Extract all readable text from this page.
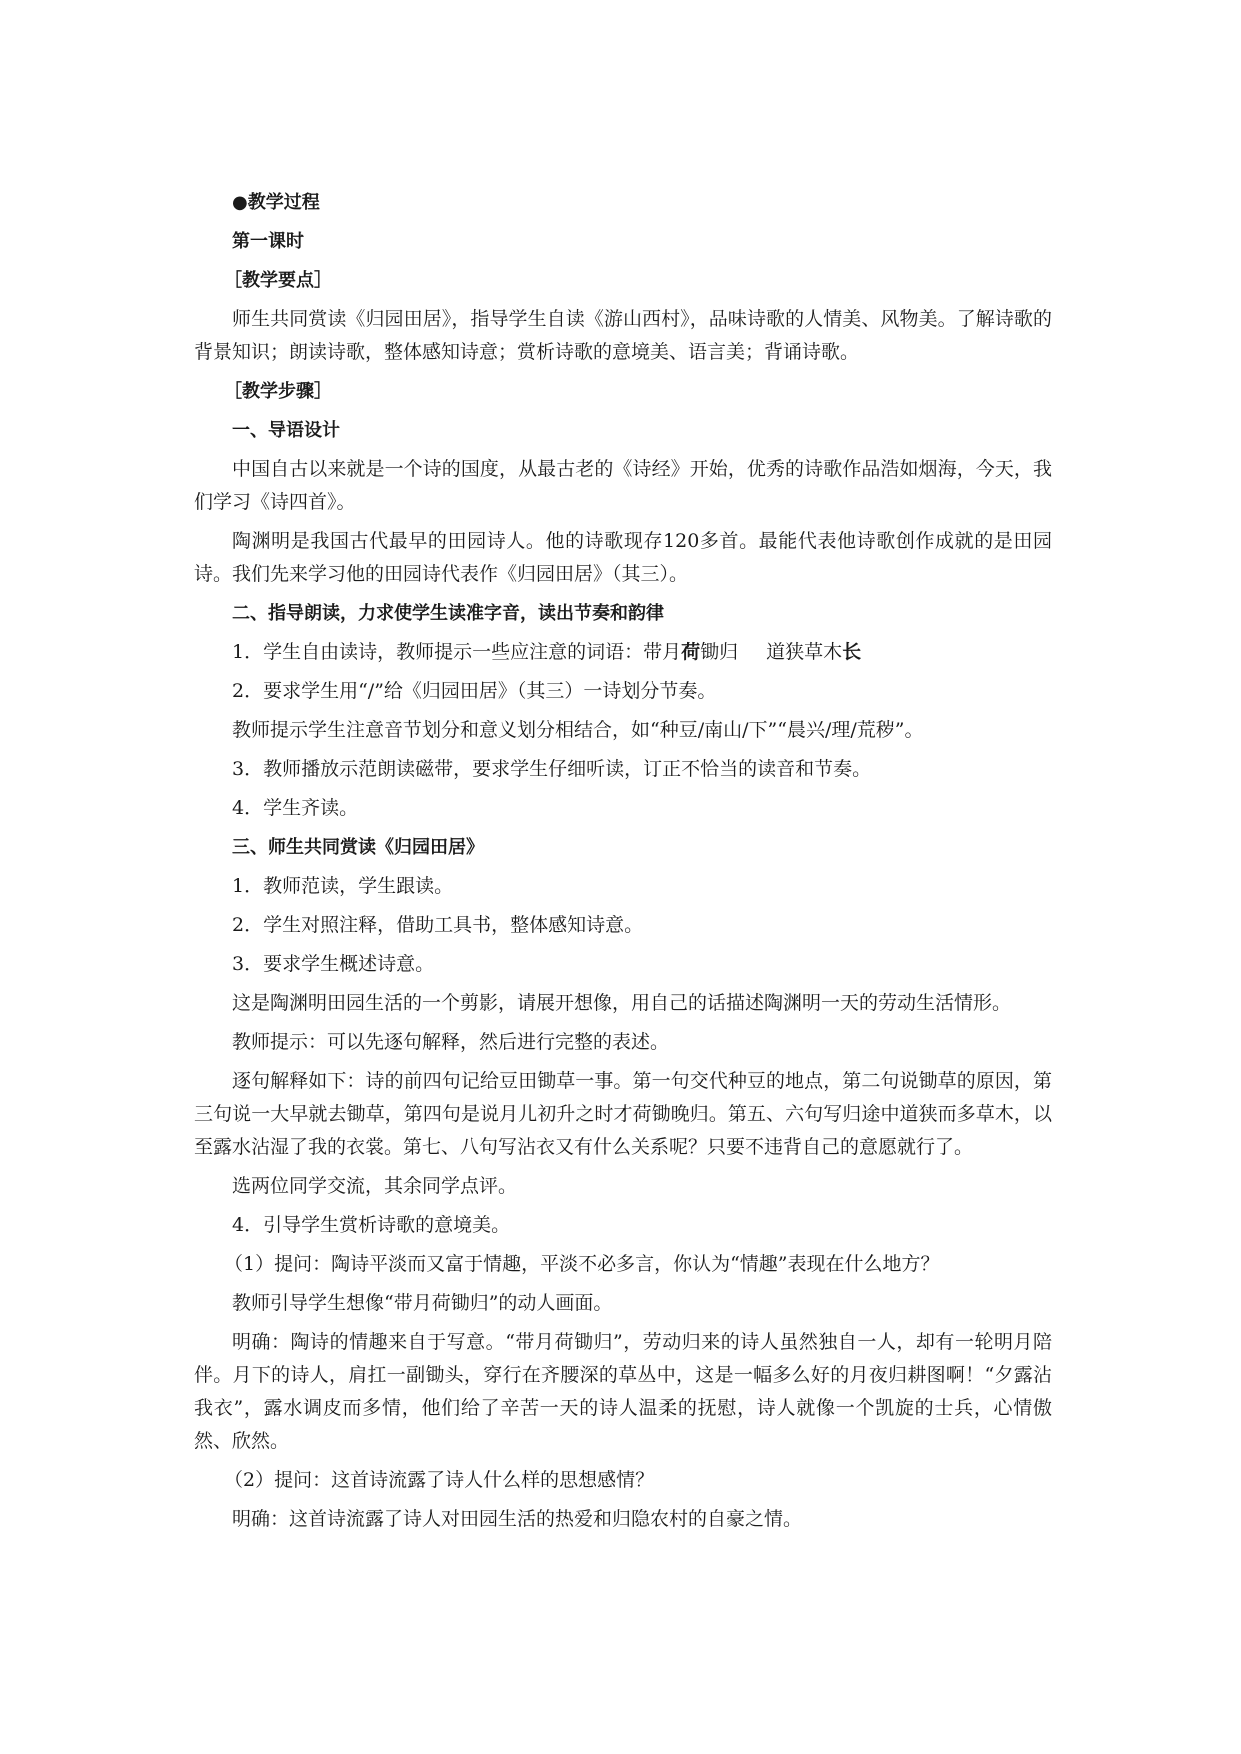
●教学过程

第一课时

［教学要点］

师生共同赏读《归园田居》，指导学生自读《游山西村》，品味诗歌的人情美、风物美。了解诗歌的背景知识；朗读诗歌，整体感知诗意；赏析诗歌的意境美、语言美；背诵诗歌。

［教学步骤］

一、导语设计

中国自古以来就是一个诗的国度，从最古老的《诗经》开始，优秀的诗歌作品浩如烟海，今天，我们学习《诗四首》。

陶渊明是我国古代最早的田园诗人。他的诗歌现存120多首。最能代表他诗歌创作成就的是田园诗。我们先来学习他的田园诗代表作《归园田居》（其三）。

二、指导朗读，力求使学生读准字音，读出节奏和韵律

1．学生自由读诗，教师提示一些应注意的词语：带月荷锄归 道狭草木长

2．要求学生用“/”给《归园田居》（其三）一诗划分节奏。

教师提示学生注意音节划分和意义划分相结合，如“种豆/南山/下”“晨兴/理/荒秽”。

3．教师播放示范朗读磁带，要求学生仔细听读，订正不恰当的读音和节奏。

4．学生齐读。

三、师生共同赏读《归园田居》

1．教师范读，学生跟读。

2．学生对照注释，借助工具书，整体感知诗意。

3．要求学生概述诗意。

这是陶渊明田园生活的一个剪影，请展开想像，用自己的话描述陶渊明一天的劳动生活情形。

教师提示：可以先逐句解释，然后进行完整的表述。

逐句解释如下：诗的前四句记给豆田锄草一事。第一句交代种豆的地点，第二句说锄草的原因，第三句说一大早就去锄草，第四句是说月儿初升之时才荷锄晚归。第五、六句写归途中道狭而多草木，以至露水沾湿了我的衣裳。第七、八句写沾衣又有什么关系呢？只要不违背自己的意愿就行了。

选两位同学交流，其余同学点评。

4．引导学生赏析诗歌的意境美。

（1）提问：陶诗平淡而又富于情趣，平淡不必多言，你认为“情趣”表现在什么地方？

教师引导学生想像“带月荷锄归”的动人画面。

明确：陶诗的情趣来自于写意。“带月荷锄归”，劳动归来的诗人虽然独自一人，却有一轮明月陪伴。月下的诗人，肩扛一副锄头，穿行在齐腰深的草丛中，这是一幅多么好的月夜归耕图啊！“夕露沾我衣”，露水调皮而多情，他们给了辛苦一天的诗人温柔的抚慰，诗人就像一个凯旋的士兵，心情傲然、欣然。

（2）提问：这首诗流露了诗人什么样的思想感情？

明确：这首诗流露了诗人对田园生活的热爱和归隐农村的自豪之情。
